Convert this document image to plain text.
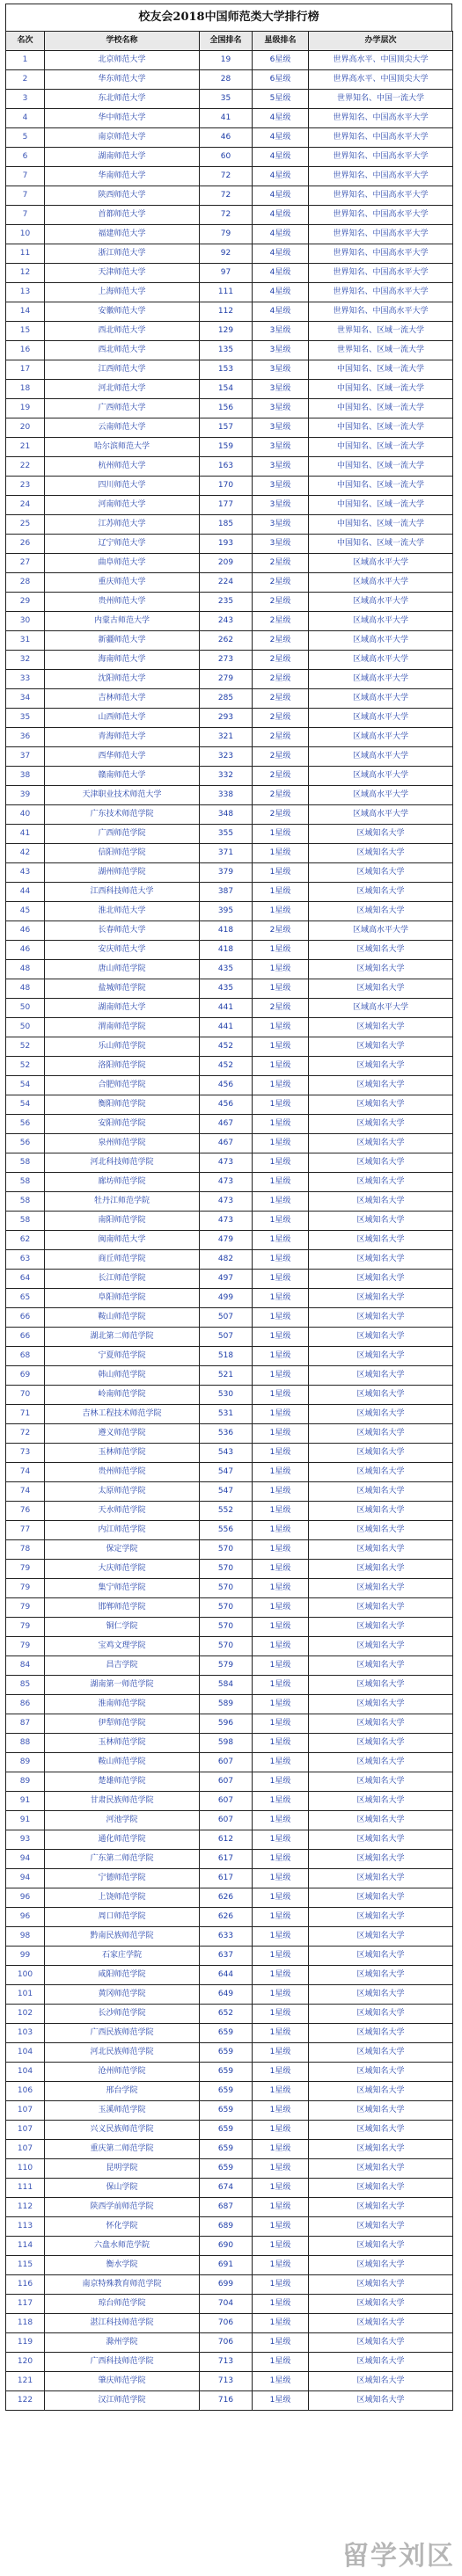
校友会2018中国师范类大学排行榜
名次	学校名称	全国排名	星级排名	办学层次
1	北京师范大学	19	6星级	世界高水平、中国顶尖大学
2	华东师范大学	28	6星级	世界高水平、中国顶尖大学
3	东北师范大学	35	5星级	世界知名、中国一流大学
4	华中师范大学	41	4星级	世界知名、中国高水平大学
5	南京师范大学	46	4星级	世界知名、中国高水平大学
6	湖南师范大学	60	4星级	世界知名、中国高水平大学
7	华南师范大学	72	4星级	世界知名、中国高水平大学
7	陕西师范大学	72	4星级	世界知名、中国高水平大学
7	首都师范大学	72	4星级	世界知名、中国高水平大学
10	福建师范大学	79	4星级	世界知名、中国高水平大学
11	浙江师范大学	92	4星级	世界知名、中国高水平大学
12	天津师范大学	97	4星级	世界知名、中国高水平大学
13	上海师范大学	111	4星级	世界知名、中国高水平大学
14	安徽师范大学	112	4星级	世界知名、中国高水平大学
15	西北师范大学	129	3星级	世界知名、区域一流大学
16	西北师范大学	135	3星级	世界知名、区域一流大学
17	江西师范大学	153	3星级	中国知名、区域一流大学
18	河北师范大学	154	3星级	中国知名、区域一流大学
19	广西师范大学	156	3星级	中国知名、区域一流大学
20	云南师范大学	157	3星级	中国知名、区域一流大学
21	哈尔滨师范大学	159	3星级	中国知名、区域一流大学
22	杭州师范大学	163	3星级	中国知名、区域一流大学
23	四川师范大学	170	3星级	中国知名、区域一流大学
24	河南师范大学	177	3星级	中国知名、区域一流大学
25	江苏师范大学	185	3星级	中国知名、区域一流大学
26	辽宁师范大学	193	3星级	中国知名、区域一流大学
27	曲阜师范大学	209	2星级	区域高水平大学
28	重庆师范大学	224	2星级	区域高水平大学
29	贵州师范大学	235	2星级	区域高水平大学
30	内蒙古师范大学	243	2星级	区域高水平大学
31	新疆师范大学	262	2星级	区域高水平大学
32	海南师范大学	273	2星级	区域高水平大学
33	沈阳师范大学	279	2星级	区域高水平大学
34	吉林师范大学	285	2星级	区域高水平大学
35	山西师范大学	293	2星级	区域高水平大学
36	青海师范大学	321	2星级	区域高水平大学
37	西华师范大学	323	2星级	区域高水平大学
38	赣南师范大学	332	2星级	区域高水平大学
39	天津职业技术师范大学	338	2星级	区域高水平大学
40	广东技术师范学院	348	2星级	区域高水平大学
41	广西师范学院	355	1星级	区域知名大学
42	信阳师范学院	371	1星级	区域知名大学
43	湖州师范学院	379	1星级	区域知名大学
44	江西科技师范大学	387	1星级	区域知名大学
45	淮北师范大学	395	1星级	区域知名大学
46	长春师范大学	418	2星级	区域高水平大学
46	安庆师范大学	418	1星级	区域知名大学
48	唐山师范学院	435	1星级	区域知名大学
48	盐城师范学院	435	1星级	区域知名大学
50	湖南师范大学	441	2星级	区域高水平大学
50	渭南师范学院	441	1星级	区域知名大学
52	乐山师范学院	452	1星级	区域知名大学
52	洛阳师范学院	452	1星级	区域知名大学
54	合肥师范学院	456	1星级	区域知名大学
54	衡阳师范学院	456	1星级	区域知名大学
56	安阳师范学院	467	1星级	区域知名大学
56	泉州师范学院	467	1星级	区域知名大学
58	河北科技师范学院	473	1星级	区域知名大学
58	廊坊师范学院	473	1星级	区域知名大学
58	牡丹江师范学院	473	1星级	区域知名大学
58	南阳师范学院	473	1星级	区域知名大学
62	闽南师范大学	479	1星级	区域知名大学
63	商丘师范学院	482	1星级	区域知名大学
64	长江师范学院	497	1星级	区域知名大学
65	阜阳师范学院	499	1星级	区域知名大学
66	鞍山师范学院	507	1星级	区域知名大学
66	湖北第二师范学院	507	1星级	区域知名大学
68	宁夏师范学院	518	1星级	区域知名大学
69	韩山师范学院	521	1星级	区域知名大学
70	岭南师范学院	530	1星级	区域知名大学
71	吉林工程技术师范学院	531	1星级	区域知名大学
72	遵义师范学院	536	1星级	区域知名大学
73	玉林师范学院	543	1星级	区域知名大学
74	贵州师范学院	547	1星级	区域知名大学
74	太原师范学院	547	1星级	区域知名大学
76	天水师范学院	552	1星级	区域知名大学
77	内江师范学院	556	1星级	区域知名大学
78	保定学院	570	1星级	区域知名大学
79	大庆师范学院	570	1星级	区域知名大学
79	集宁师范学院	570	1星级	区域知名大学
79	邯郸师范学院	570	1星级	区域知名大学
79	铜仁学院	570	1星级	区域知名大学
79	宝鸡文理学院	570	1星级	区域知名大学
84	昌吉学院	579	1星级	区域知名大学
85	湖南第一师范学院	584	1星级	区域知名大学
86	淮南师范学院	589	1星级	区域知名大学
87	伊犁师范学院	596	1星级	区域知名大学
88	玉林师范学院	598	1星级	区域知名大学
89	鞍山师范学院	607	1星级	区域知名大学
89	楚雄师范学院	607	1星级	区域知名大学
91	甘肃民族师范学院	607	1星级	区域知名大学
91	河池学院	607	1星级	区域知名大学
93	通化师范学院	612	1星级	区域知名大学
94	广东第二师范学院	617	1星级	区域知名大学
94	宁德师范学院	617	1星级	区域知名大学
96	上饶师范学院	626	1星级	区域知名大学
96	周口师范学院	626	1星级	区域知名大学
98	黔南民族师范学院	633	1星级	区域知名大学
99	石家庄学院	637	1星级	区域知名大学
100	咸阳师范学院	644	1星级	区域知名大学
101	黄冈师范学院	649	1星级	区域知名大学
102	长沙师范学院	652	1星级	区域知名大学
103	广西民族师范学院	659	1星级	区域知名大学
104	河北民族师范学院	659	1星级	区域知名大学
104	沧州师范学院	659	1星级	区域知名大学
106	邢台学院	659	1星级	区域知名大学
107	玉溪师范学院	659	1星级	区域知名大学
107	兴义民族师范学院	659	1星级	区域知名大学
107	重庆第二师范学院	659	1星级	区域知名大学
110	昆明学院	659	1星级	区域知名大学
111	保山学院	674	1星级	区域知名大学
112	陕西学前师范学院	687	1星级	区域知名大学
113	怀化学院	689	1星级	区域知名大学
114	六盘水师范学院	690	1星级	区域知名大学
115	衡水学院	691	1星级	区域知名大学
116	南京特殊教育师范学院	699	1星级	区域知名大学
117	琼台师范学院	704	1星级	区域知名大学
118	湛江科技师范学院	706	1星级	区域知名大学
119	滁州学院	706	1星级	区域知名大学
120	广西科技师范学院	713	1星级	区域知名大学
121	肇庆师范学院	713	1星级	区域知名大学
122	汉江师范学院	716	1星级	区域知名大学
留学刘区
